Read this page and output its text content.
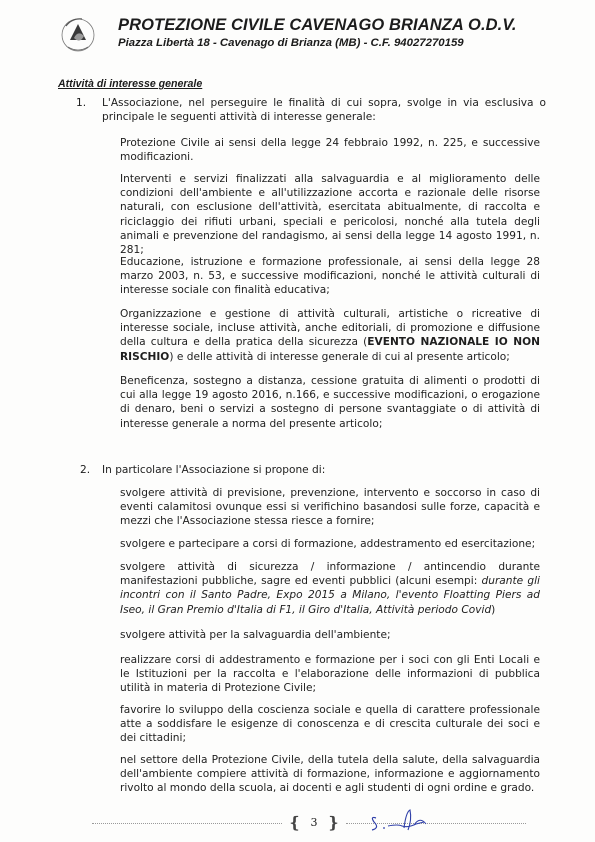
PROTEZIONE CIVILE CAVENAGO BRIANZA O.D.V.
Piazza Libertà 18 - Cavenago di Brianza (MB) - C.F. 94027270159
Attività di interesse generale
1. L'Associazione, nel perseguire le finalità di cui sopra, svolge in via esclusiva o principale le seguenti attività di interesse generale:
Protezione Civile ai sensi della legge 24 febbraio 1992, n. 225, e successive modificazioni.
Interventi e servizi finalizzati alla salvaguardia e al miglioramento delle condizioni dell'ambiente e all'utilizzazione accorta e razionale delle risorse naturali, con esclusione dell'attività, esercitata abitualmente, di raccolta e riciclaggio dei rifiuti urbani, speciali e pericolosi, nonché alla tutela degli animali e prevenzione del randagismo, ai sensi della legge 14 agosto 1991, n. 281;
Educazione, istruzione e formazione professionale, ai sensi della legge 28 marzo 2003, n. 53, e successive modificazioni, nonché le attività culturali di interesse sociale con finalità educativa;
Organizzazione e gestione di attività culturali, artistiche o ricreative di interesse sociale, incluse attività, anche editoriali, di promozione e diffusione della cultura e della pratica della sicurezza (EVENTO NAZIONALE IO NON RISCHIO) e delle attività di interesse generale di cui al presente articolo;
Beneficenza, sostegno a distanza, cessione gratuita di alimenti o prodotti di cui alla legge 19 agosto 2016, n.166, e successive modificazioni, o erogazione di denaro, beni o servizi a sostegno di persone svantaggiate o di attività di interesse generale a norma del presente articolo;
2. In particolare l'Associazione si propone di:
svolgere attività di previsione, prevenzione, intervento e soccorso in caso di eventi calamitosi ovunque essi si verifichino basandosi sulle forze, capacità e mezzi che l'Associazione stessa riesce a fornire;
svolgere e partecipare a corsi di formazione, addestramento ed esercitazione;
svolgere attività di sicurezza / informazione / antincendio durante manifestazioni pubbliche, sagre ed eventi pubblici (alcuni esempi: durante gli incontri con il Santo Padre, Expo 2015 a Milano, l'evento Floatting Piers ad Iseo, il Gran Premio d'Italia di F1, il Giro d'Italia, Attività periodo Covid)
svolgere attività per la salvaguardia dell'ambiente;
realizzare corsi di addestramento e formazione per i soci con gli Enti Locali e le Istituzioni per la raccolta e l'elaborazione delle informazioni di pubblica utilità in materia di Protezione Civile;
favorire lo sviluppo della coscienza sociale e quella di carattere professionale atte a soddisfare le esigenze di conoscenza e di crescita culturale dei soci e dei cittadini;
nel settore della Protezione Civile, della tutela della salute, della salvaguardia dell'ambiente compiere attività di formazione, informazione e aggiornamento rivolto al mondo della scuola, ai docenti e agli studenti di ogni ordine e grado.
❴ 3 ❵
